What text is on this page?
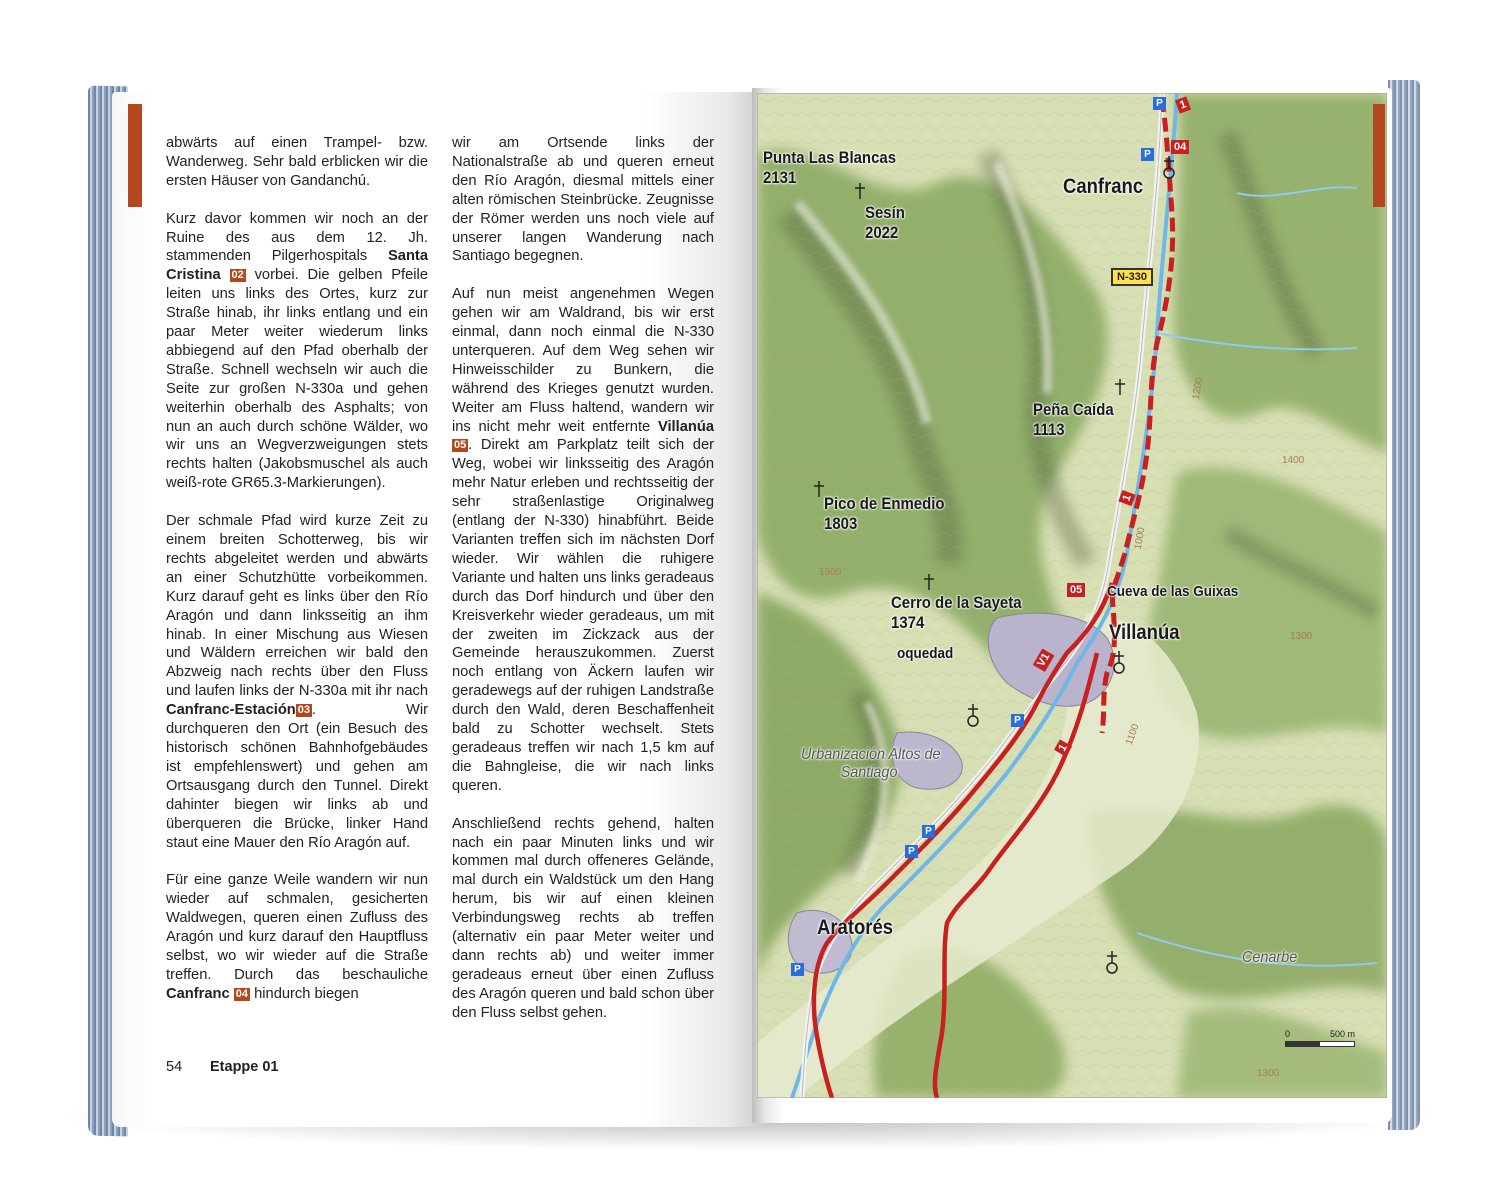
abwärts auf einen Trampel- bzw. Wanderweg. Sehr bald erblicken wir die ersten Häuser von Gandanchú.

Kurz davor kommen wir noch an der Ruine des aus dem 12. Jh. stammenden Pilgerhospitals Santa Cristina 02 vorbei. Die gelben Pfeile leiten uns links des Ortes, kurz zur Straße hinab, ihr links entlang und ein paar Meter weiter wiederum links abbiegend auf den Pfad oberhalb der Straße. Schnell wechseln wir auch die Seite zur großen N-330a und gehen weiterhin oberhalb des Asphalts; von nun an auch durch schöne Wälder, wo wir uns an Wegverzweigungen stets rechts halten (Jakobsmuschel als auch weiß-rote GR65.3-Markierungen).

Der schmale Pfad wird kurze Zeit zu einem breiten Schotterweg, bis wir rechts abgeleitet werden und abwärts an einer Schutzhütte vorbeikommen. Kurz darauf geht es links über den Río Aragón und dann linksseitig an ihm hinab. In einer Mischung aus Wiesen und Wäldern erreichen wir bald den Abzweig nach rechts über den Fluss und laufen links der N-330a mit ihr nach Canfranc-Estación 03 . Wir durchqueren den Ort (ein Besuch des historisch schönen Bahnhofgebäudes ist empfehlenswert) und gehen am Ortsausgang durch den Tunnel. Direkt dahinter biegen wir links ab und überqueren die Brücke, linker Hand staut eine Mauer den Río Aragón auf.

Für eine ganze Weile wandern wir nun wieder auf schmalen, gesicherten Waldwegen, queren einen Zufluss des Aragón und kurz darauf den Hauptfluss selbst, wo wir wieder auf die Straße treffen. Durch das beschauliche Canfranc 04 hindurch biegen

wir am Ortsende links der Nationalstraße ab und queren erneut den Río Aragón, diesmal mittels einer alten römischen Steinbrücke. Zeugnisse der Römer werden uns noch viele auf unserer langen Wanderung nach Santiago begegnen.

Auf nun meist angenehmen Wegen gehen wir am Waldrand, bis wir erst einmal, dann noch einmal die N-330 unterqueren. Auf dem Weg sehen wir Hinweisschilder zu Bunkern, die während des Krieges genutzt wurden. Weiter am Fluss haltend, wandern wir ins nicht mehr weit entfernte Villanúa 05 . Direkt am Parkplatz teilt sich der Weg, wobei wir linksseitig des Aragón mehr Natur erleben und rechtsseitig der sehr straßenlastige Originalweg (entlang der N-330) hinabführt. Beide Varianten treffen sich im nächsten Dorf wieder. Wir wählen die ruhigere Variante und halten uns links geradeaus durch das Dorf hindurch und über den Kreisverkehr wieder geradeaus, um mit der zweiten im Zickzack aus der Gemeinde herauszukommen. Zuerst noch entlang von Äckern laufen wir geradewegs auf der ruhigen Landstraße durch den Wald, deren Beschaffenheit bald zu Schotter wechselt. Stets geradeaus treffen wir nach 1,5 km auf die Bahngleise, die wir nach links queren.

Anschließend rechts gehend, halten nach ein paar Minuten links und wir kommen mal durch offeneres Gelände, mal durch ein Waldstück um den Hang herum, bis wir auf einen kleinen Verbindungsweg rechts ab treffen (alternativ ein paar Meter weiter und dann rechts ab) und weiter immer geradeaus erneut über einen Zufluss des Aragón queren und bald schon über den Fluss selbst gehen.

54 Etappe 01
Punta Las Blancas
2131	Canfranc
Sesín
2022
Peña Caída
1113
Pico de Enmedio
1803
Cerro de la Sayeta
1374
oquedad
Cueva de las Guixas
Villanúa
Aratorés
Urbanización Altos de
Santiago
Cenarbe
1200
1400
1000
1500
1300
1100
1300
N-330
04
05
1
1
1
V1
P
P
P
P
P
P
0	500 m
